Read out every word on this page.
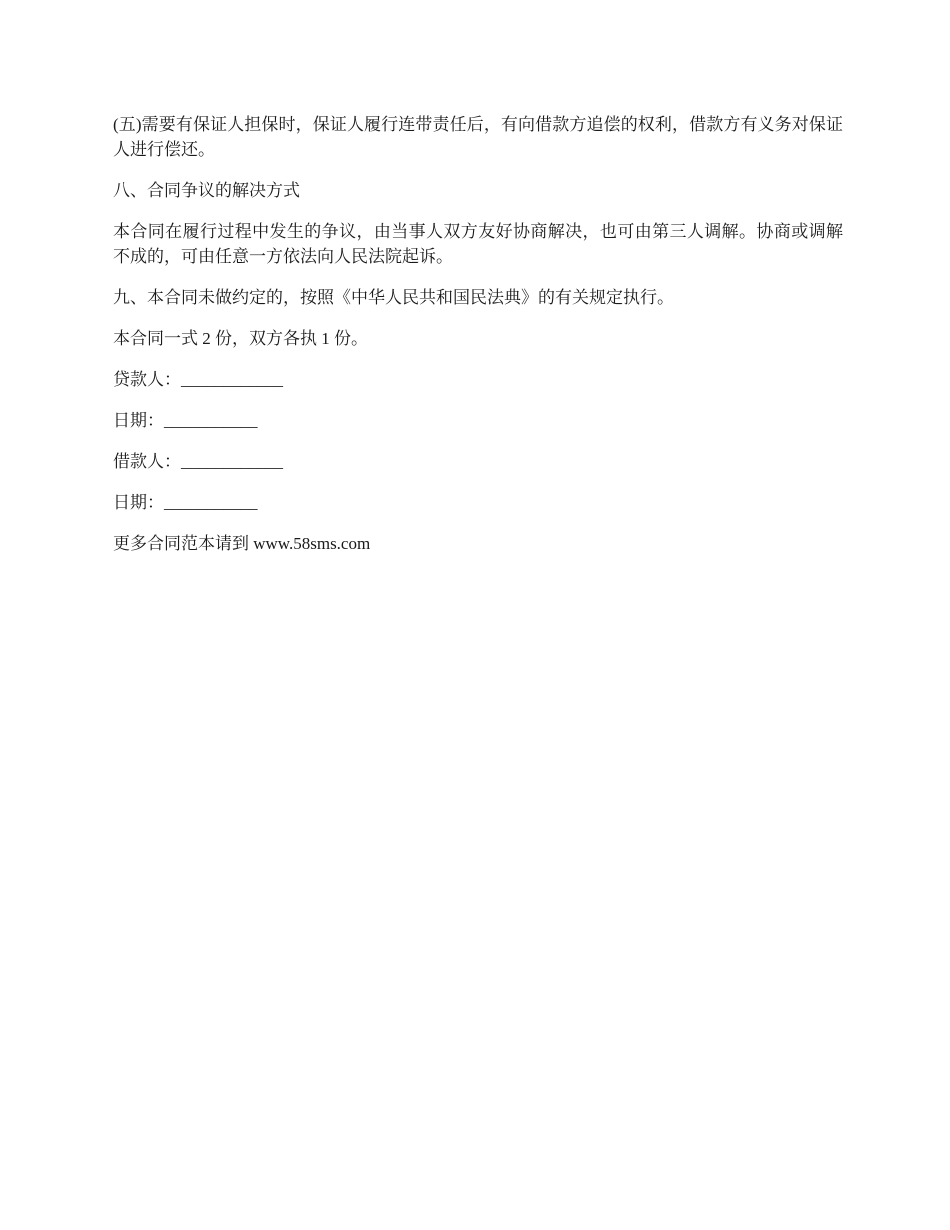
(五)需要有保证人担保时，保证人履行连带责任后，有向借款方追偿的权利，借款方有义务对保证人进行偿还。

八、合同争议的解决方式

本合同在履行过程中发生的争议，由当事人双方友好协商解决，也可由第三人调解。协商或调解不成的，可由任意一方依法向人民法院起诉。

九、本合同未做约定的，按照《中华人民共和国民法典》的有关规定执行。

本合同一式 2 份，双方各执 1 份。

贷款人：____________

日期：___________

借款人：____________

日期：___________

更多合同范本请到 www.58sms.com
